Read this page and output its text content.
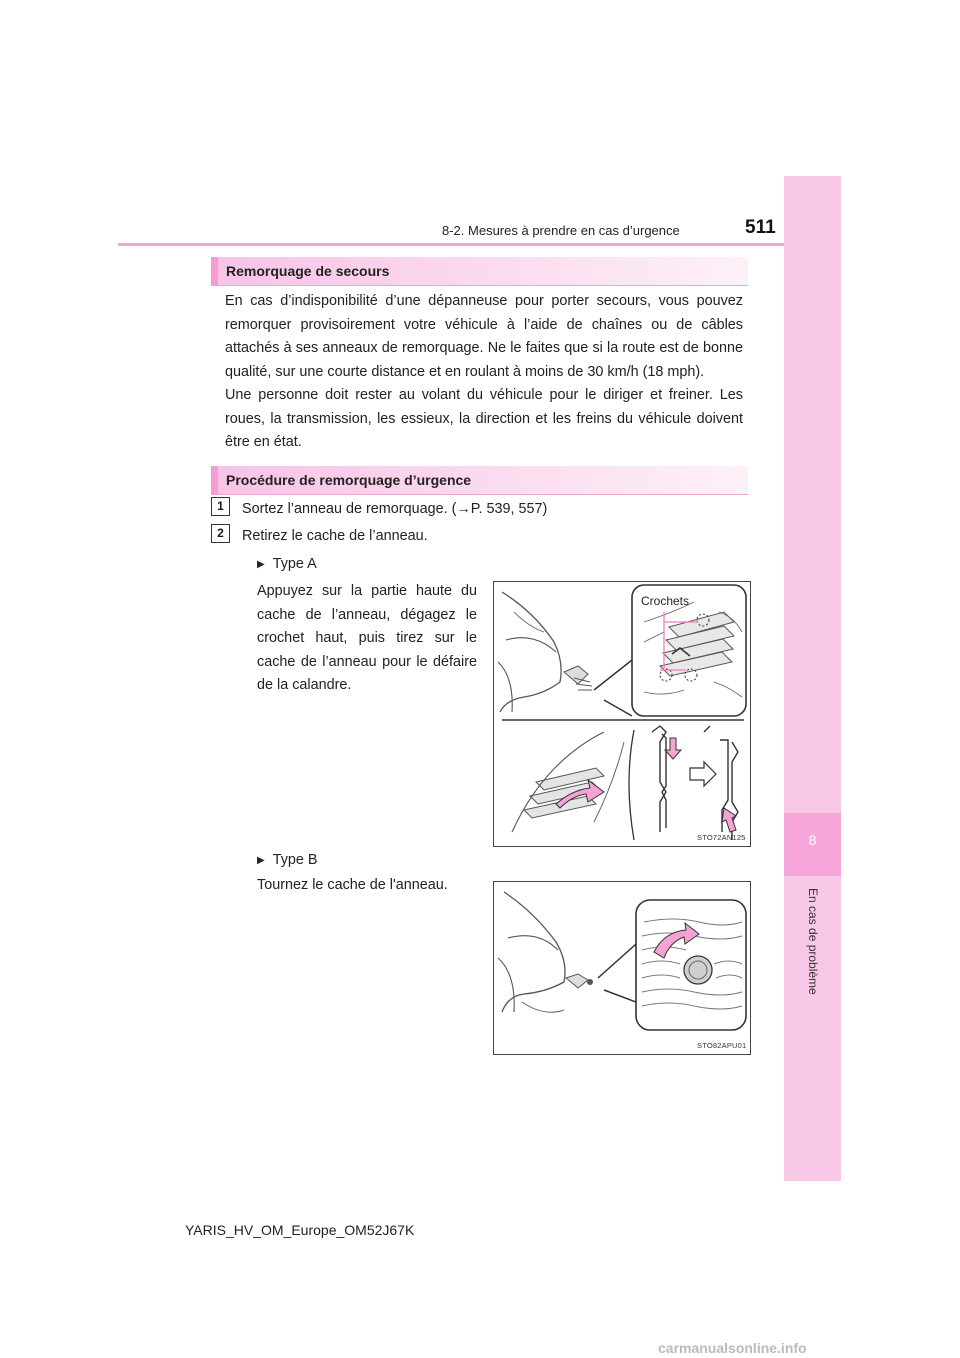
8-2. Mesures à prendre en cas d’urgence	511
8
En cas de problème
Remorquage de secours

En cas d’indisponibilité d’une dépanneuse pour porter secours, vous pouvez remorquer provisoirement votre véhicule à l’aide de chaînes ou de câbles attachés à ses anneaux de remorquage. Ne le faites que si la route est de bonne qualité, sur une courte distance et en roulant à moins de 30 km/h (18 mph).

Une personne doit rester au volant du véhicule pour le diriger et freiner. Les roues, la transmission, les essieux, la direction et les freins du véhicule doivent être en état.

Procédure de remorquage d’urgence
1	Sortez l’anneau de remorquage. (→P. 539, 557)
2	Retirez le cache de l’anneau.
▶ Type A
Appuyez sur la partie haute du cache de l’anneau, dégagez le crochet haut, puis tirez sur le cache de l’anneau pour le défaire de la calandre.
Crochets
STO72AN125
▶ Type B
Tournez le cache de l'anneau.
STO82APU01
YARIS_HV_OM_Europe_OM52J67K
carmanualsonline.info
